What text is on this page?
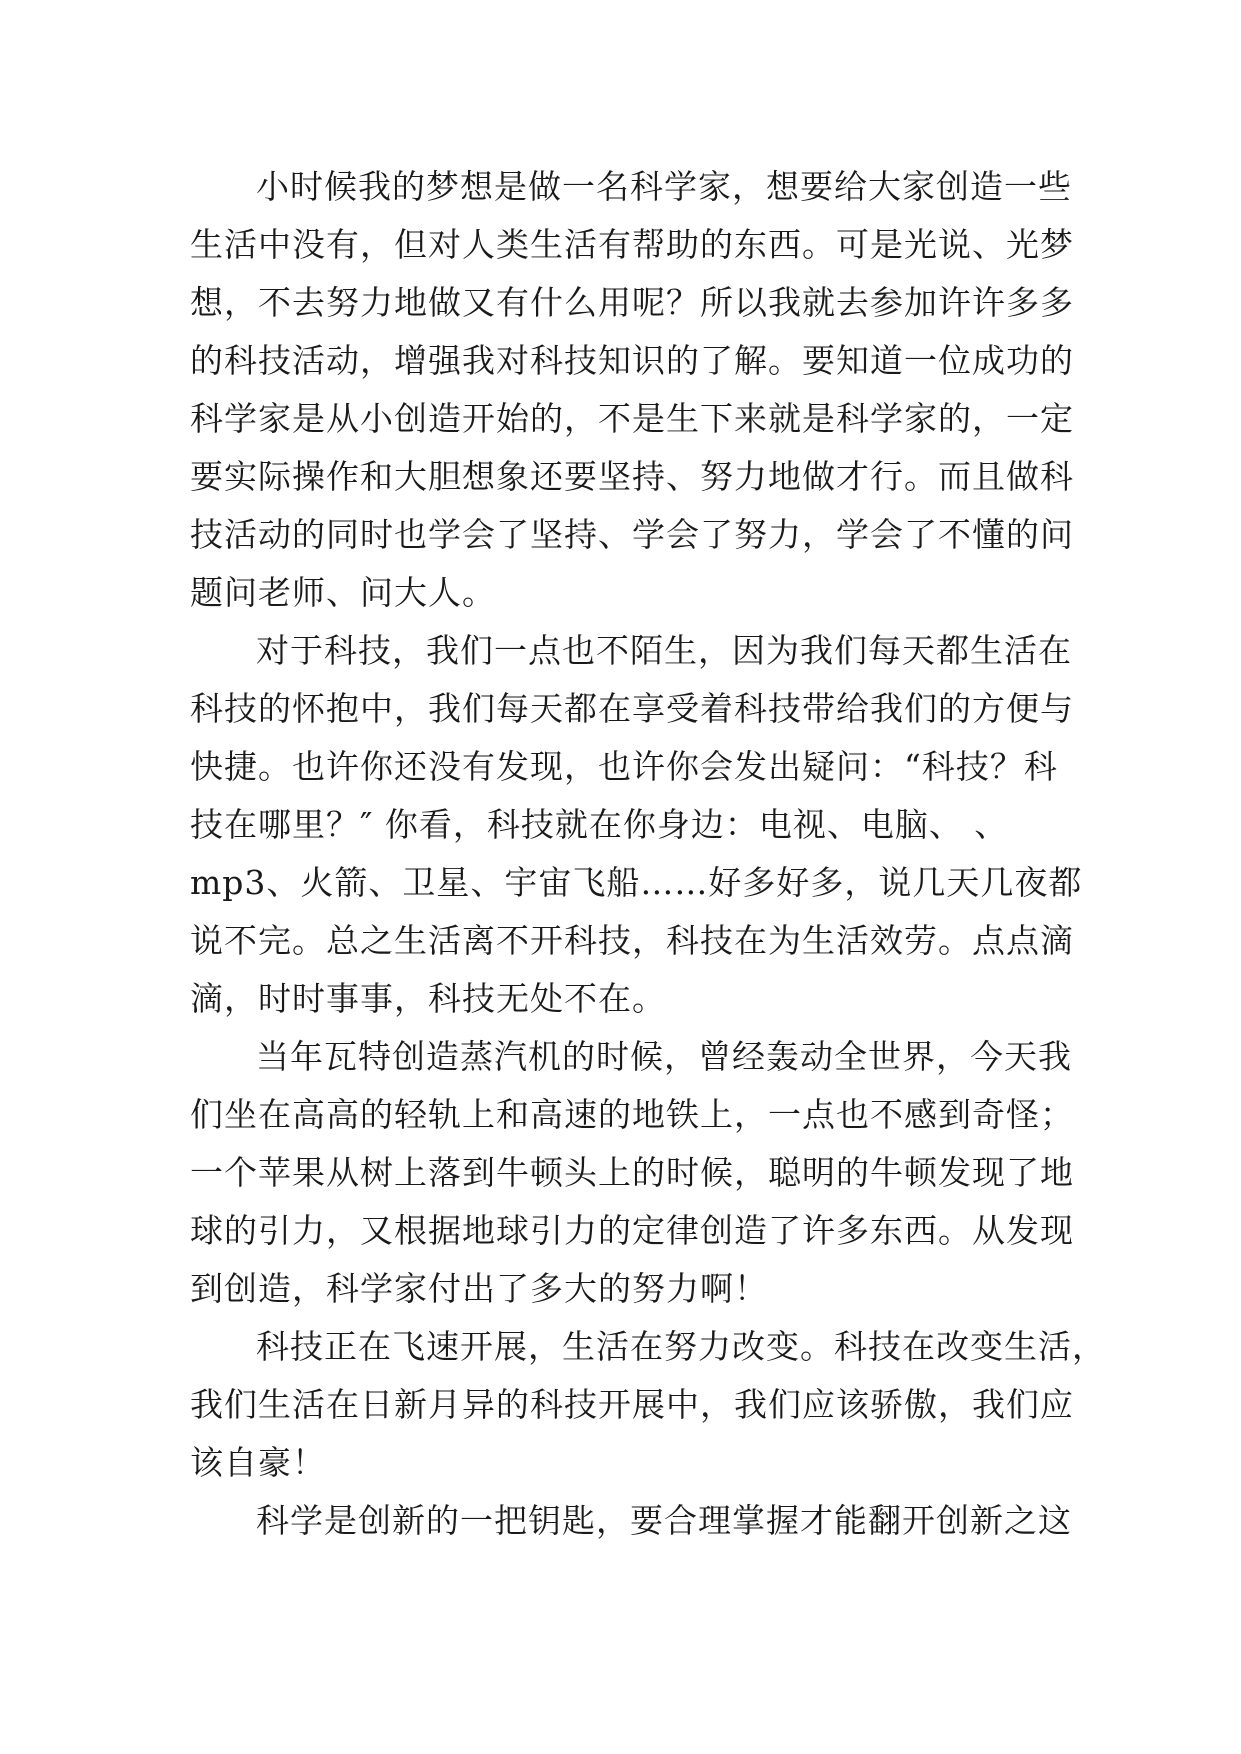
小时候我的梦想是做一名科学家，想要给大家创造一些
生活中没有，但对人类生活有帮助的东西。可是光说、光梦
想，不去努力地做又有什么用呢？所以我就去参加许许多多
的科技活动，增强我对科技知识的了解。要知道一位成功的
科学家是从小创造开始的，不是生下来就是科学家的，一定
要实际操作和大胆想象还要坚持、努力地做才行。而且做科
技活动的同时也学会了坚持、学会了努力，学会了不懂的问
题问老师、问大人。
对于科技，我们一点也不陌生，因为我们每天都生活在
科技的怀抱中，我们每天都在享受着科技带给我们的方便与
快捷。也许你还没有发现，也许你会发出疑问：“科技？科
技在哪里？″ 你看，科技就在你身边：电视、电脑、 、
mp3、火箭、卫星、宇宙飞船……好多好多，说几天几夜都
说不完。总之生活离不开科技，科技在为生活效劳。点点滴
滴，时时事事，科技无处不在。
当年瓦特创造蒸汽机的时候，曾经轰动全世界，今天我
们坐在高高的轻轨上和高速的地铁上，一点也不感到奇怪；
一个苹果从树上落到牛顿头上的时候，聪明的牛顿发现了地
球的引力，又根据地球引力的定律创造了许多东西。从发现
到创造，科学家付出了多大的努力啊！
科技正在飞速开展，生活在努力改变。科技在改变生活，
我们生活在日新月异的科技开展中，我们应该骄傲，我们应
该自豪！
科学是创新的一把钥匙，要合理掌握才能翻开创新之这
